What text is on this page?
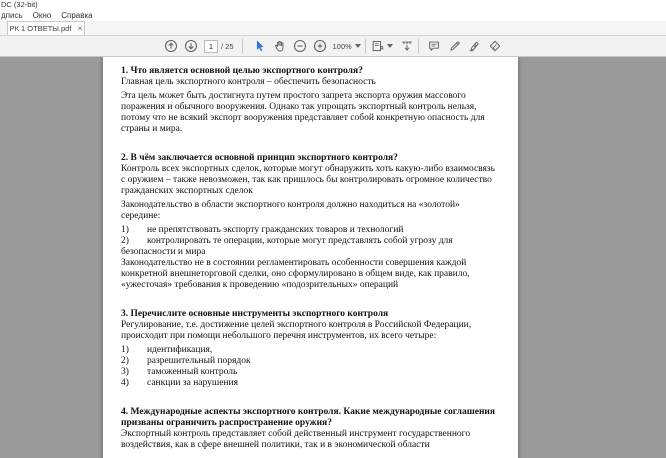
DC (32-bit)
дпись Окно Справка
РК 1 ОТВЕТЫ.pdf ×
1	/ 25	100%

1. Что является основной целью экспортного контроля?

Главная цель экспортного контроля – обеспечить безопасность

Эта цель может быть достигнута путем простого запрета экспорта оружия массового поражения и обычного вооружения. Однако так упрощать экспортный контроль нельзя, потому что не всякий экспорт вооружения представляет собой конкретную опасность для страны и мира.

2. В чём заключается основной принцип экспортного контроля?

Контроль всех экспортных сделок, которые могут обнаружить хоть какую-либо взаимосвязь с оружием – также невозможен, так как пришлось бы контролировать огромное количество гражданских экспортных сделок

Законодательство в области экспортного контроля должно находиться на «золотой» середине:

1) не препятствовать экспорту гражданских товаров и технологий

2) контролировать те операции, которые могут представлять собой угрозу для безопасности и мира

Законодательство не в состоянии регламентировать особенности совершения каждой конкретной внешнеторговой сделки, оно сформулировано в общем виде, как правило, «ужесточая» требования к проведению «подозрительных» операций

3. Перечислите основные инструменты экспортного контроля

Регулирование, т.е. достижение целей экспортного контроля в Российской Федерации, происходит при помощи небольшого перечня инструментов, их всего четыре:

1) идентификация,

2) разрешительный порядок

3) таможенный контроль

4) санкции за нарушения

4. Международные аспекты экспортного контроля. Какие международные соглашения призваны ограничить распространение оружия?

Экспортный контроль представляет собой действенный инструмент государственного воздействия, как в сфере внешней политики, так и в экономической области
